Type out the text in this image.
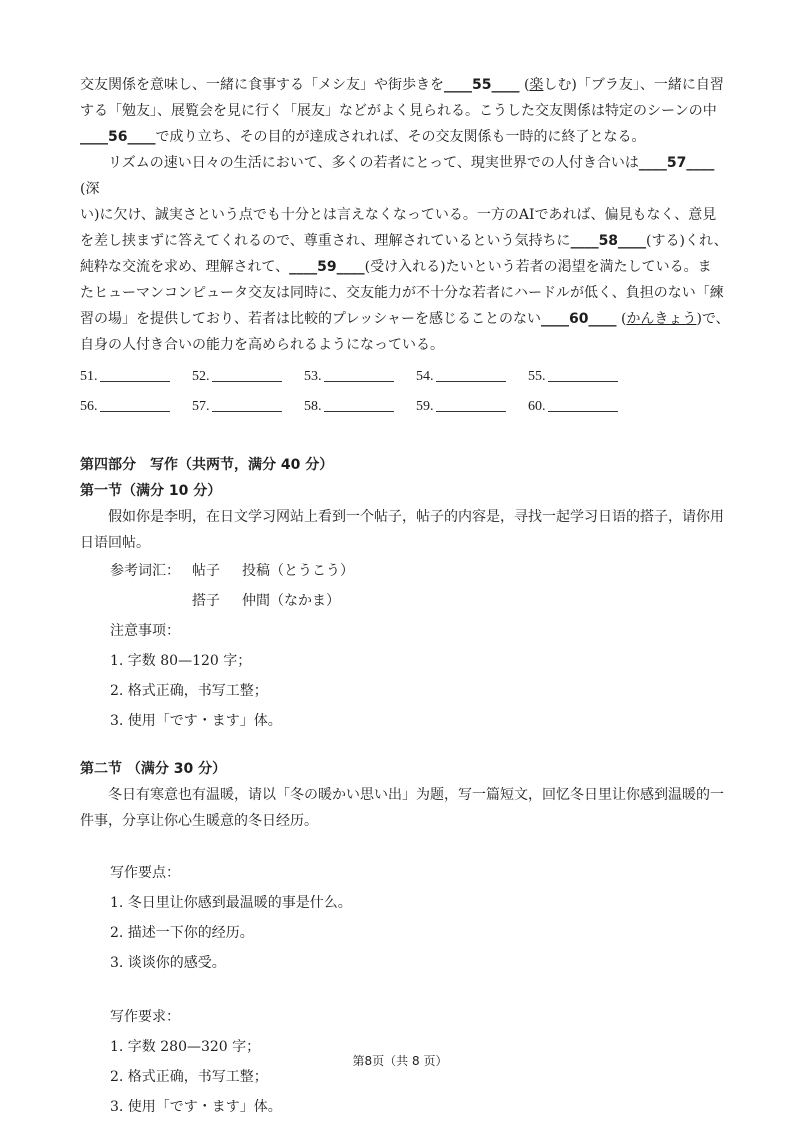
交友関係を意味し、一緒に食事する「メシ友」や街歩きを____55____ (楽しむ)「ブラ友」、一緒に自習

する「勉友」、展覧会を見に行く「展友」などがよく見られる。こうした交友関係は特定のシーンの中

____56____で成り立ち、その目的が達成されれば、その交友関係も一時的に終了となる。

リズムの速い日々の生活において、多くの若者にとって、現実世界での人付き合いは____57____ (深

い)に欠け、誠実さという点でも十分とは言えなくなっている。一方のAIであれば、偏見もなく、意見

を差し挟まずに答えてくれるので、尊重され、理解されているという気持ちに____58____(する)くれ、

純粋な交流を求め、理解されて、____59____(受け入れる)たいという若者の渇望を満たしている。ま

たヒューマンコンピュータ交友は同時に、交友能力が不十分な若者にハードルが低く、負担のない「練

習の場」を提供しており、若者は比較的プレッシャーを感じることのない____60____ (かんきょう)で、

自身の人付き合いの能力を高められるようになっている。

51.	52.	53.	54.	55.
56.	57.	58.	59.	60.

第四部分　写作（共两节，满分 40 分）

第一节（满分 10 分）

假如你是李明，在日文学习网站上看到一个帖子，帖子的内容是，寻找一起学习日语的搭子，请你用

日语回帖。

参考词汇： 帖子	投稿（とうこう）
搭子	仲間（なかま）

注意事项：

1. 字数 80—120 字；

2. 格式正确，书写工整；

3. 使用「です・ます」体。

第二节 （满分 30 分）

冬日有寒意也有温暖，请以「冬の暖かい思い出」为题，写一篇短文，回忆冬日里让你感到温暖的一

件事，分享让你心生暖意的冬日经历。

写作要点：

1. 冬日里让你感到最温暖的事是什么。

2. 描述一下你的经历。

3. 谈谈你的感受。

写作要求：

1. 字数 280—320 字；

2. 格式正确，书写工整；

3. 使用「です・ます」体。

第8页（共 8 页）
